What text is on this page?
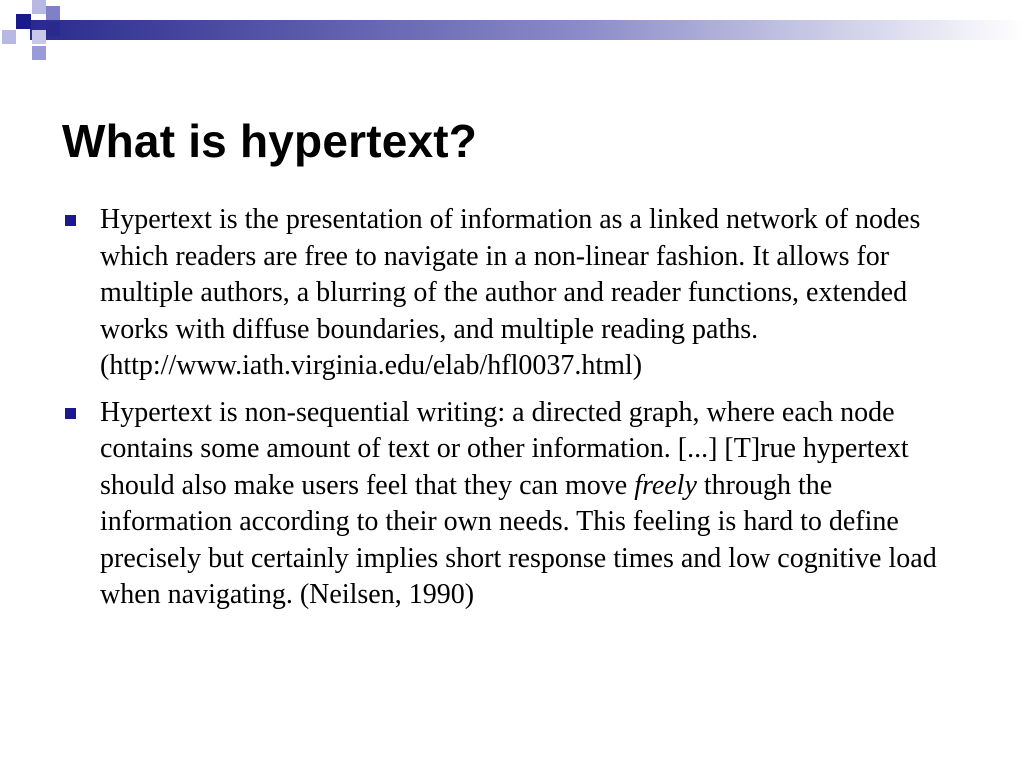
What is hypertext?
Hypertext is the presentation of information as a linked network of nodes which readers are free to navigate in a non-linear fashion. It allows for multiple authors, a blurring of the author and reader functions, extended works with diffuse boundaries, and multiple reading paths. (http://www.iath.virginia.edu/elab/hfl0037.html)
Hypertext is non-sequential writing: a directed graph, where each node contains some amount of text or other information. [...] [T]rue hypertext should also make users feel that they can move freely through the information according to their own needs. This feeling is hard to define precisely but certainly implies short response times and low cognitive load when navigating. (Neilsen, 1990)
